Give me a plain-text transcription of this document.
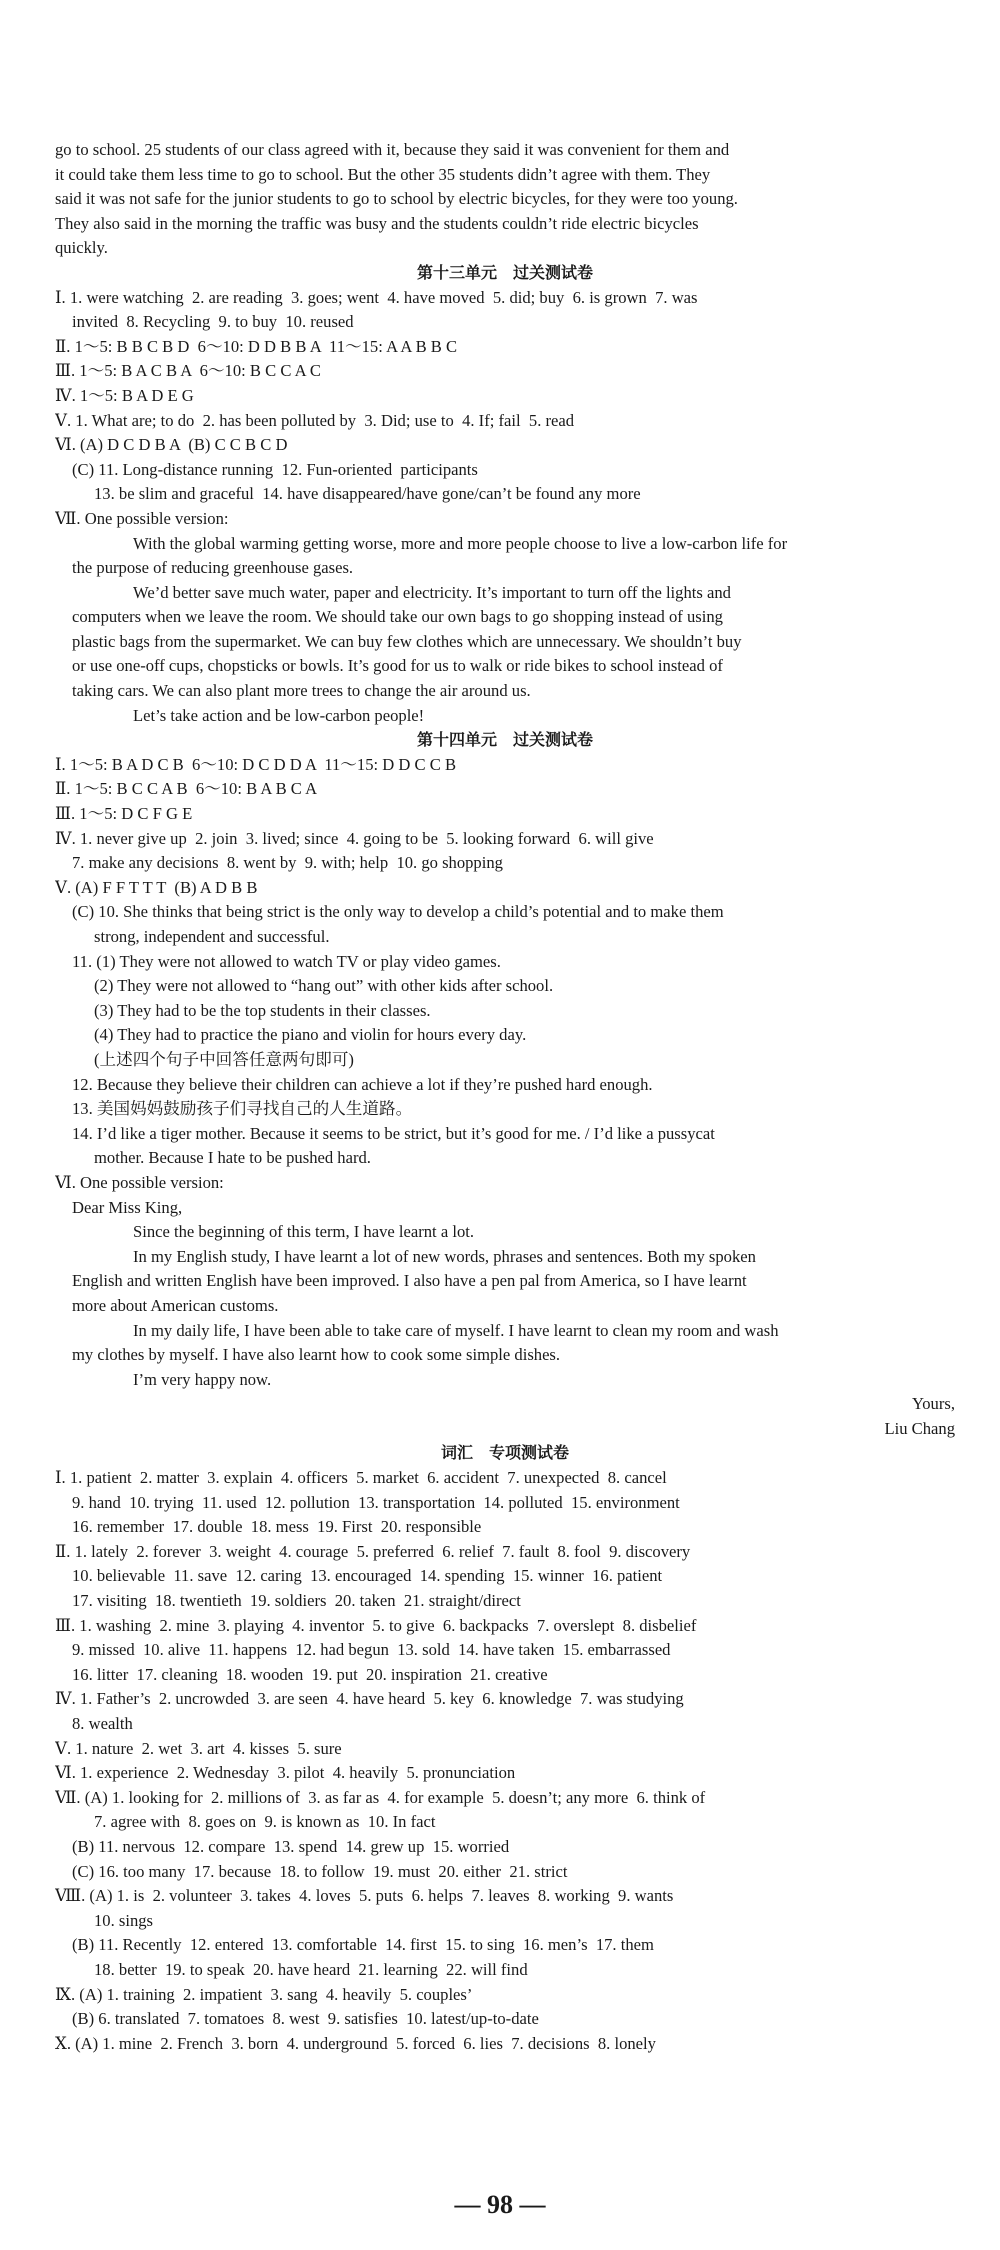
go to school. 25 students of our class agreed with it, because they said it was convenient for them and
it could take them less time to go to school. But the other 35 students didn’t agree with them. They
said it was not safe for the junior students to go to school by electric bicycles, for they were too young.
They also said in the morning the traffic was busy and the students couldn’t ride electric bicycles
quickly.
第十三单元　过关测试卷
Ⅰ. 1. were watching  2. are reading  3. goes; went  4. have moved  5. did; buy  6. is grown  7. was
invited  8. Recycling  9. to buy  10. reused
Ⅱ. 1～5: B B C B D  6～10: D D B B A  11～15: A A B B C
Ⅲ. 1～5: B A C B A  6～10: B C C A C
Ⅳ. 1～5: B A D E G
Ⅴ. 1. What are; to do  2. has been polluted by  3. Did; use to  4. If; fail  5. read
Ⅵ. (A) D C D B A  (B) C C B C D
(C) 11. Long-distance running  12. Fun-oriented  participants
13. be slim and graceful  14. have disappeared/have gone/can’t be found any more
Ⅶ. One possible version:
With the global warming getting worse, more and more people choose to live a low-carbon life for
the purpose of reducing greenhouse gases.
We’d better save much water, paper and electricity. It’s important to turn off the lights and
computers when we leave the room. We should take our own bags to go shopping instead of using
plastic bags from the supermarket. We can buy few clothes which are unnecessary. We shouldn’t buy
or use one-off cups, chopsticks or bowls. It’s good for us to walk or ride bikes to school instead of
taking cars. We can also plant more trees to change the air around us.
Let’s take action and be low-carbon people!
第十四单元　过关测试卷
Ⅰ. 1～5: B A D C B  6～10: D C D D A  11～15: D D C C B
Ⅱ. 1～5: B C C A B  6～10: B A B C A
Ⅲ. 1～5: D C F G E
Ⅳ. 1. never give up  2. join  3. lived; since  4. going to be  5. looking forward  6. will give
7. make any decisions  8. went by  9. with; help  10. go shopping
Ⅴ. (A) F F T T T  (B) A D B B
(C) 10. She thinks that being strict is the only way to develop a child’s potential and to make them
strong, independent and successful.
11. (1) They were not allowed to watch TV or play video games.
(2) They were not allowed to “hang out” with other kids after school.
(3) They had to be the top students in their classes.
(4) They had to practice the piano and violin for hours every day.
(上述四个句子中回答任意两句即可)
12. Because they believe their children can achieve a lot if they’re pushed hard enough.
13. 美国妈妈鼓励孩子们寻找自己的人生道路。
14. I’d like a tiger mother. Because it seems to be strict, but it’s good for me. / I’d like a pussycat
mother. Because I hate to be pushed hard.
Ⅵ. One possible version:
Dear Miss King,
Since the beginning of this term, I have learnt a lot.
In my English study, I have learnt a lot of new words, phrases and sentences. Both my spoken
English and written English have been improved. I also have a pen pal from America, so I have learnt
more about American customs.
In my daily life, I have been able to take care of myself. I have learnt to clean my room and wash
my clothes by myself. I have also learnt how to cook some simple dishes.
I’m very happy now.
Yours,
Liu Chang
词汇　专项测试卷
Ⅰ. 1. patient  2. matter  3. explain  4. officers  5. market  6. accident  7. unexpected  8. cancel
9. hand  10. trying  11. used  12. pollution  13. transportation  14. polluted  15. environment
16. remember  17. double  18. mess  19. First  20. responsible
Ⅱ. 1. lately  2. forever  3. weight  4. courage  5. preferred  6. relief  7. fault  8. fool  9. discovery
10. believable  11. save  12. caring  13. encouraged  14. spending  15. winner  16. patient
17. visiting  18. twentieth  19. soldiers  20. taken  21. straight/direct
Ⅲ. 1. washing  2. mine  3. playing  4. inventor  5. to give  6. backpacks  7. overslept  8. disbelief
9. missed  10. alive  11. happens  12. had begun  13. sold  14. have taken  15. embarrassed
16. litter  17. cleaning  18. wooden  19. put  20. inspiration  21. creative
Ⅳ. 1. Father’s  2. uncrowded  3. are seen  4. have heard  5. key  6. knowledge  7. was studying
8. wealth
Ⅴ. 1. nature  2. wet  3. art  4. kisses  5. sure
Ⅵ. 1. experience  2. Wednesday  3. pilot  4. heavily  5. pronunciation
Ⅶ. (A) 1. looking for  2. millions of  3. as far as  4. for example  5. doesn’t; any more  6. think of
7. agree with  8. goes on  9. is known as  10. In fact
(B) 11. nervous  12. compare  13. spend  14. grew up  15. worried
(C) 16. too many  17. because  18. to follow  19. must  20. either  21. strict
Ⅷ. (A) 1. is  2. volunteer  3. takes  4. loves  5. puts  6. helps  7. leaves  8. working  9. wants
10. sings
(B) 11. Recently  12. entered  13. comfortable  14. first  15. to sing  16. men’s  17. them
18. better  19. to speak  20. have heard  21. learning  22. will find
Ⅸ. (A) 1. training  2. impatient  3. sang  4. heavily  5. couples’
(B) 6. translated  7. tomatoes  8. west  9. satisfies  10. latest/up-to-date
Ⅹ. (A) 1. mine  2. French  3. born  4. underground  5. forced  6. lies  7. decisions  8. lonely
— 98 —
